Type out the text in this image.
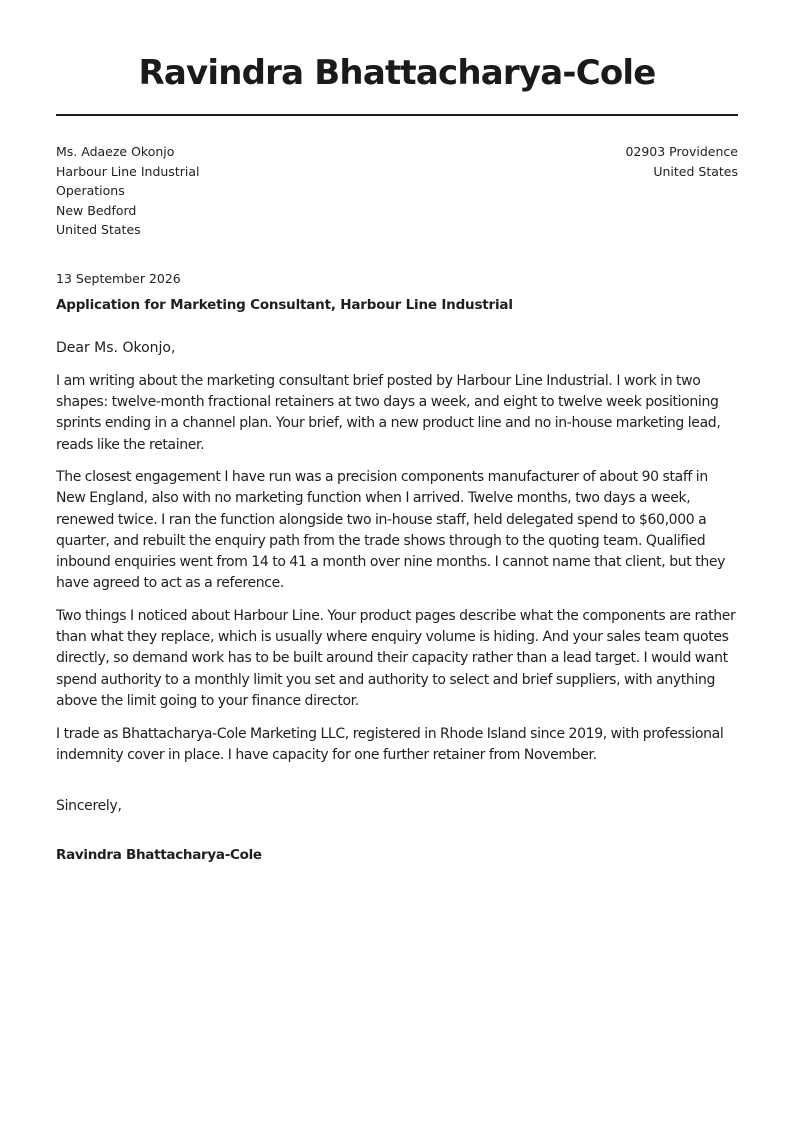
Ravindra Bhattacharya-Cole
Ms. Adaeze Okonjo
Harbour Line Industrial
Operations
New Bedford
United States
02903 Providence
United States
13 September 2026
Application for Marketing Consultant, Harbour Line Industrial
Dear Ms. Okonjo,

I am writing about the marketing consultant brief posted by Harbour Line Industrial. I work in two shapes: twelve-month fractional retainers at two days a week, and eight to twelve week positioning sprints ending in a channel plan. Your brief, with a new product line and no in-house marketing lead, reads like the retainer.

The closest engagement I have run was a precision components manufacturer of about 90 staff in New England, also with no marketing function when I arrived. Twelve months, two days a week, renewed twice. I ran the function alongside two in-house staff, held delegated spend to $60,000 a quarter, and rebuilt the enquiry path from the trade shows through to the quoting team. Qualified inbound enquiries went from 14 to 41 a month over nine months. I cannot name that client, but they have agreed to act as a reference.

Two things I noticed about Harbour Line. Your product pages describe what the components are rather than what they replace, which is usually where enquiry volume is hiding. And your sales team quotes directly, so demand work has to be built around their capacity rather than a lead target. I would want spend authority to a monthly limit you set and authority to select and brief suppliers, with anything above the limit going to your finance director.

I trade as Bhattacharya-Cole Marketing LLC, registered in Rhode Island since 2019, with professional indemnity cover in place. I have capacity for one further retainer from November.

Sincerely,
Ravindra Bhattacharya-Cole
